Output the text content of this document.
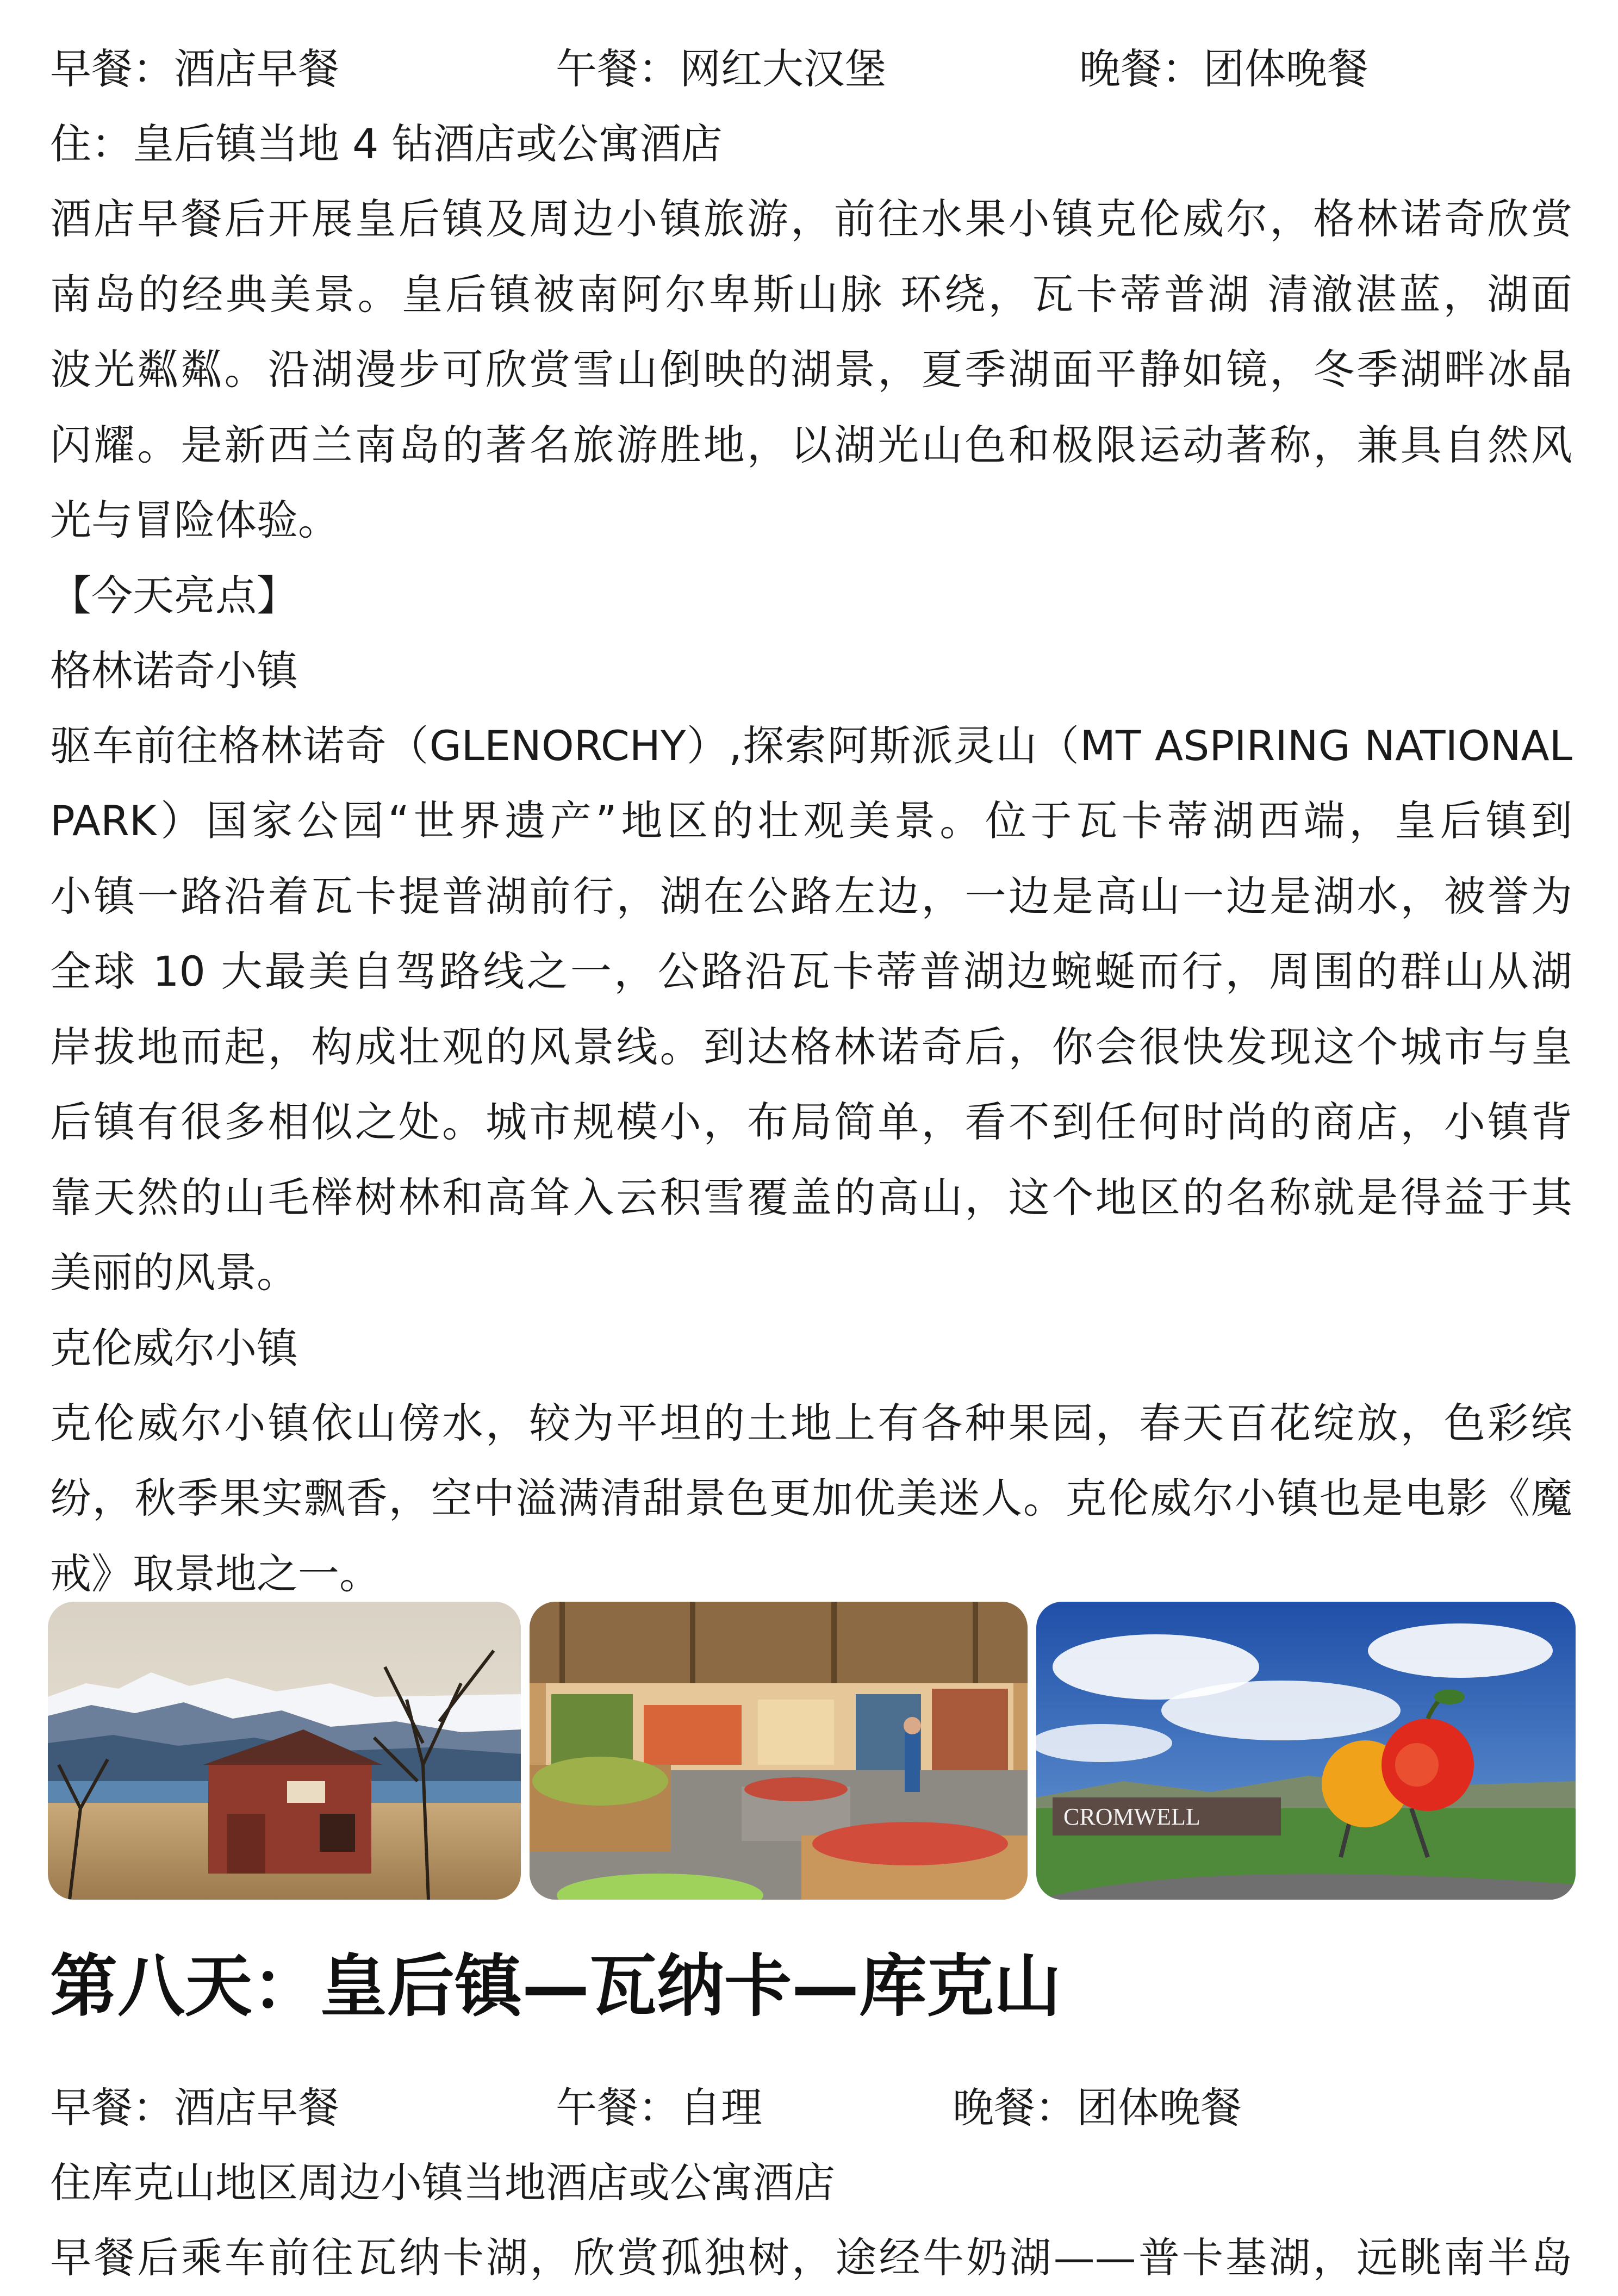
早餐：酒店早餐	午餐：网红大汉堡	晚餐：团体晚餐
住：皇后镇当地 4 钻酒店或公寓酒店
酒店早餐后开展皇后镇及周边小镇旅游，前往水果小镇克伦威尔，格林诺奇欣赏
南岛的经典美景。皇后镇被南阿尔卑斯山脉 环绕，瓦卡蒂普湖 清澈湛蓝，湖面
波光粼粼。沿湖漫步可欣赏雪山倒映的湖景，夏季湖面平静如镜，冬季湖畔冰晶
闪耀。是新西兰南岛的著名旅游胜地，以湖光山色和极限运动著称，兼具自然风
光与冒险体验。
【今天亮点】
格林诺奇小镇
驱车前往格林诺奇（GLENORCHY）,探索阿斯派灵山（MT ASPIRING NATIONAL
PARK）国家公园“世界遗产”地区的壮观美景。位于瓦卡蒂湖西端，皇后镇到
小镇一路沿着瓦卡提普湖前行，湖在公路左边，一边是高山一边是湖水，被誉为
全球 10 大最美自驾路线之一，公路沿瓦卡蒂普湖边蜿蜒而行，周围的群山从湖
岸拔地而起，构成壮观的风景线。到达格林诺奇后，你会很快发现这个城市与皇
后镇有很多相似之处。城市规模小，布局简单，看不到任何时尚的商店，小镇背
靠天然的山毛榉树林和高耸入云积雪覆盖的高山，这个地区的名称就是得益于其
美丽的风景。
克伦威尔小镇
克伦威尔小镇依山傍水，较为平坦的土地上有各种果园，春天百花绽放，色彩缤
纷，秋季果实飘香，空中溢满清甜景色更加优美迷人。克伦威尔小镇也是电影《魔
戒》取景地之一。
CROMWELL
第八天：皇后镇—瓦纳卡—库克山
早餐：酒店早餐	午餐：自理	晚餐：团体晚餐
住库克山地区周边小镇当地酒店或公寓酒店
早餐后乘车前往瓦纳卡湖，欣赏孤独树，途经牛奶湖——普卡基湖，远眺南半岛
